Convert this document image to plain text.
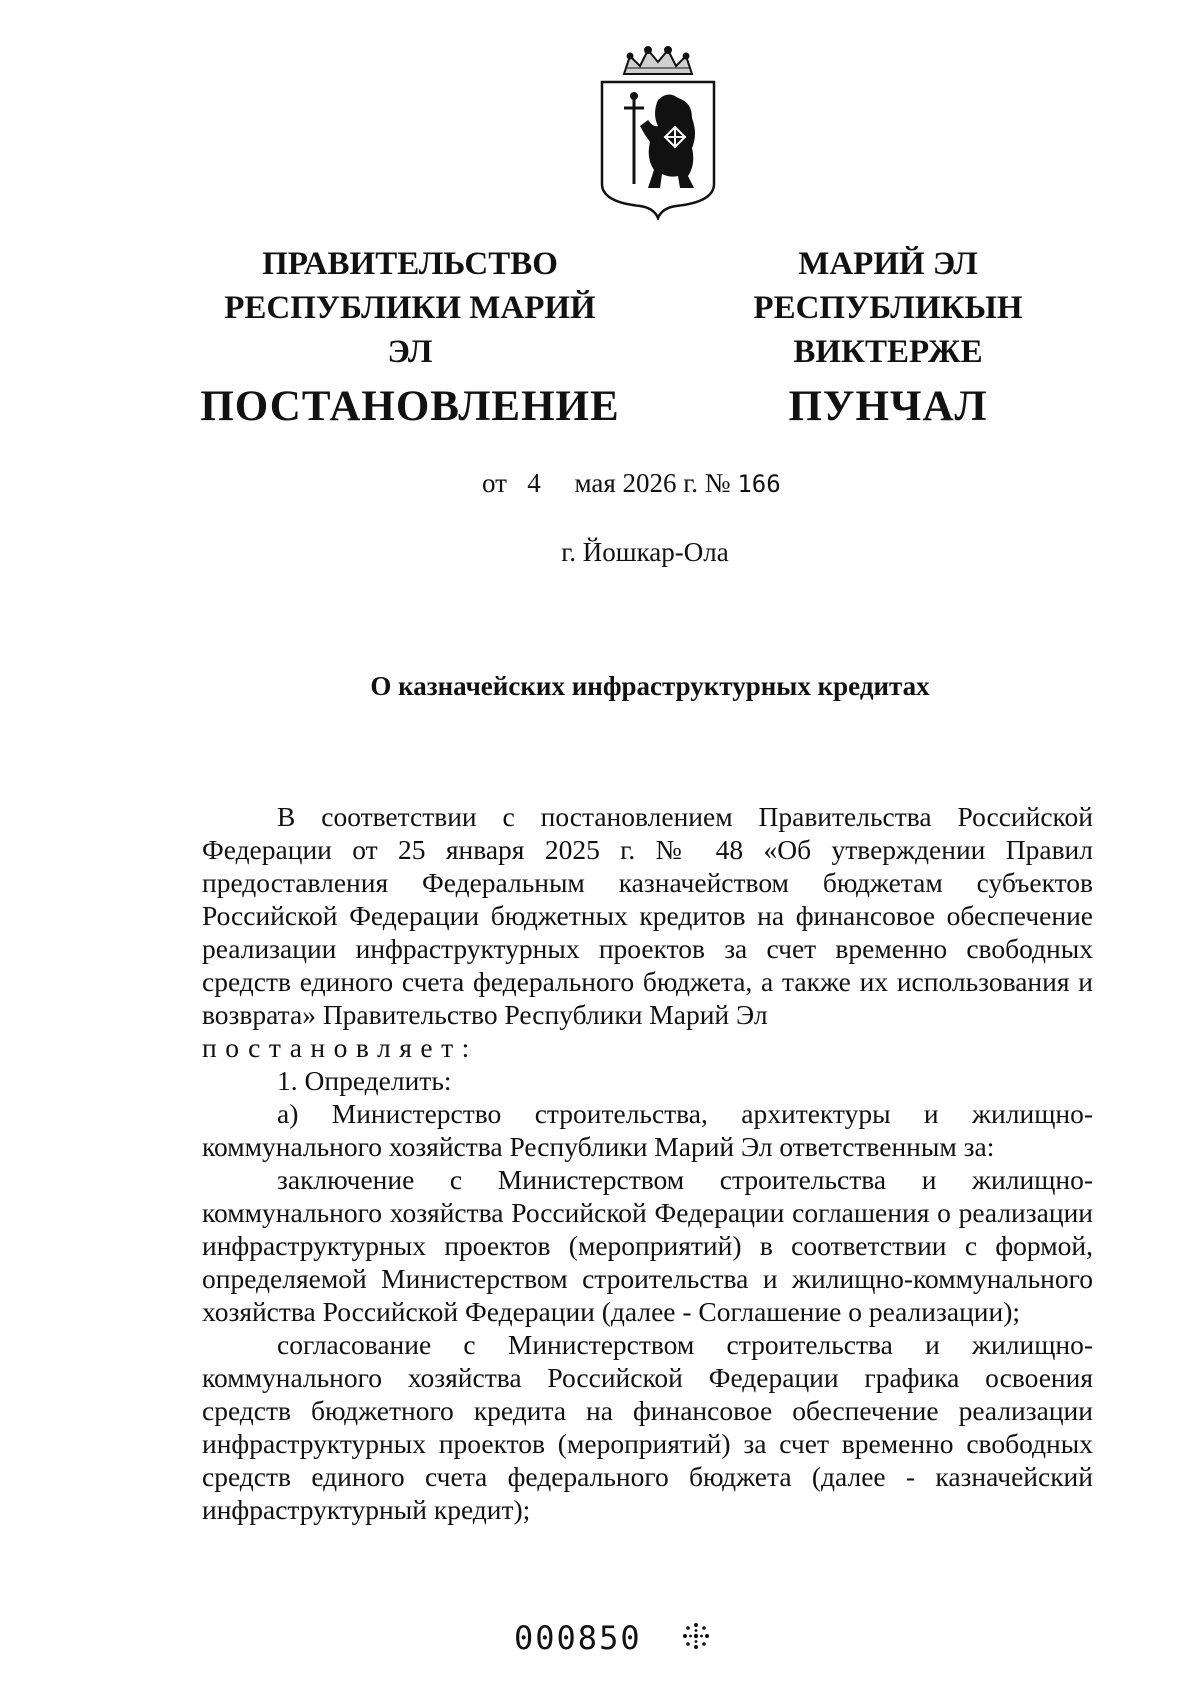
ПРАВИТЕЛЬСТВО
РЕСПУБЛИКИ МАРИЙ ЭЛ
ПОСТАНОВЛЕНИЕ
МАРИЙ ЭЛ РЕСПУБЛИКЫН
ВИКТЕРЖЕ
ПУНЧАЛ
от 4 мая 2026 г. № 166
г. Йошкар-Ола
О казначейских инфраструктурных кредитах
В соответствии с постановлением Правительства Российской Федерации от 25 января 2025 г. № 48 «Об утверждении Правил предоставления Федеральным казначейством бюджетам субъектов Российской Федерации бюджетных кредитов на финансовое обеспечение реализации инфраструктурных проектов за счет временно свободных средств единого счета федерального бюджета, а также их использования и возврата» Правительство Республики Марий Эл
постановляет:
1. Определить:
а) Министерство строительства, архитектуры и жилищно-коммунального хозяйства Республики Марий Эл ответственным за:
заключение с Министерством строительства и жилищно-коммунального хозяйства Российской Федерации соглашения о реализации инфраструктурных проектов (мероприятий) в соответствии с формой, определяемой Министерством строительства и жилищно-коммунального хозяйства Российской Федерации (далее - Соглашение о реализации);
согласование с Министерством строительства и жилищно-коммунального хозяйства Российской Федерации графика освоения средств бюджетного кредита на финансовое обеспечение реализации инфраструктурных проектов (мероприятий) за счет временно свободных средств единого счета федерального бюджета (далее - казначейский инфраструктурный кредит);
000850
